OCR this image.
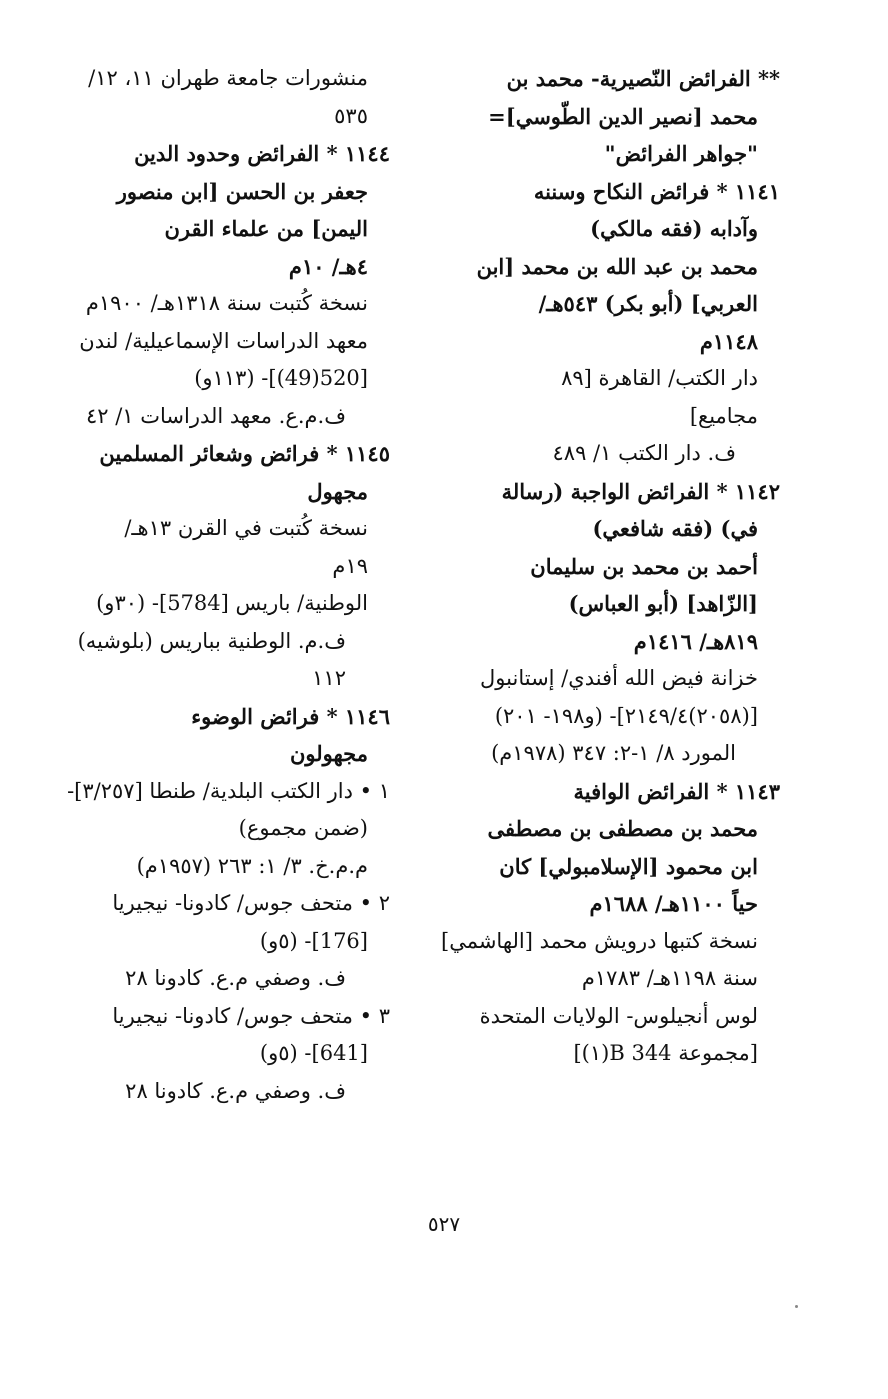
** الفرائض النّصيرية- محمد بن
محمد [نصير الدين الطّوسي]=
"جواهر الفرائض"
١١٤١ * فرائض النكاح وسننه
وآدابه (فقه مالكي)
محمد بن عبد الله بن محمد [ابن
العربي] (أبو بكر) ٥٤٣هـ/
١١٤٨م
دار الكتب/ القاهرة [٨٩
مجاميع]
ف. دار الكتب ١/ ٤٨٩
١١٤٢ * الفرائض الواجبة (رسالة
في) (فقه شافعي)
أحمد بن محمد بن سليمان
[الزّاهد] (أبو العباس)
٨١٩هـ/ ١٤١٦م
خزانة فيض الله أفندي/ إستانبول
[(٢٠٥٨)٢١٤٩/٤]- (و١٩٨- ٢٠١)
المورد ٨/ ١-٢: ٣٤٧ (١٩٧٨م)
١١٤٣ * الفرائض الوافية
محمد بن مصطفى بن مصطفى
ابن محمود [الإسلامبولي] كان
حياً ١١٠٠هـ/ ١٦٨٨م
نسخة كتبها درويش محمد [الهاشمي]
سنة ١١٩٨هـ/ ١٧٨٣م
لوس أنجيلوس- الولايات المتحدة
[مجموعة 344 B(١)]
منشورات جامعة طهران ١١، ١٢/
٥٣٥
١١٤٤ * الفرائض وحدود الدين
جعفر بن الحسن [ابن منصور
اليمن] من علماء القرن
٤هـ/ ١٠م
نسخة كُتبت سنة ١٣١٨هـ/ ١٩٠٠م
معهد الدراسات الإسماعيلية/ لندن
[520(49)]- (١١٣و)
ف.م.ع. معهد الدراسات ١/ ٤٢
١١٤٥ * فرائض وشعائر المسلمين
مجهول
نسخة كُتبت في القرن ١٣هـ/
١٩م
الوطنية/ باريس [5784]- (٣٠و)
ف.م. الوطنية بباريس (بلوشيه)
١١٢
١١٤٦ * فرائض الوضوء
مجهولون
١ • دار الكتب البلدية/ طنطا [٣/٢٥٧]-
(ضمن مجموع)
م.م.خ. ٣/ ١: ٢٦٣ (١٩٥٧م)
٢ • متحف جوس/ كادونا- نيجيريا
[176]- (٥و)
ف. وصفي م.ع. كادونا ٢٨
٣ • متحف جوس/ كادونا- نيجيريا
[641]- (٥و)
ف. وصفي م.ع. كادونا ٢٨
٥٢٧
